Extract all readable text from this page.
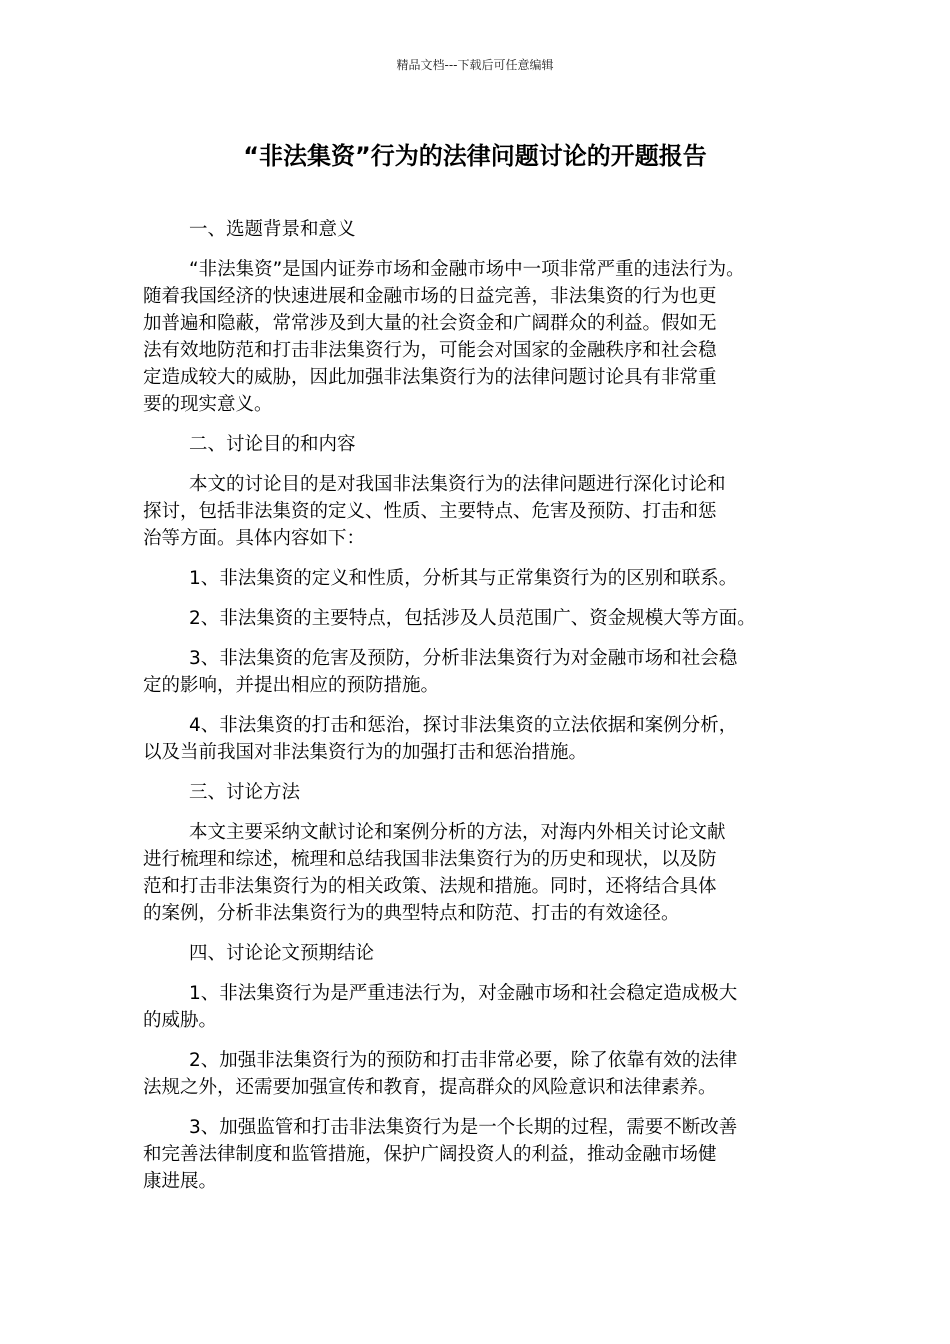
精品文档---下载后可任意编辑
“非法集资”行为的法律问题讨论的开题报告

一、选题背景和意义

“非法集资”是国内证券市场和金融市场中一项非常严重的违法行为。
随着我国经济的快速进展和金融市场的日益完善，非法集资的行为也更
加普遍和隐蔽，常常涉及到大量的社会资金和广阔群众的利益。假如无
法有效地防范和打击非法集资行为，可能会对国家的金融秩序和社会稳
定造成较大的威胁，因此加强非法集资行为的法律问题讨论具有非常重
要的现实意义。

二、讨论目的和内容

本文的讨论目的是对我国非法集资行为的法律问题进行深化讨论和
探讨，包括非法集资的定义、性质、主要特点、危害及预防、打击和惩
治等方面。具体内容如下：

1、非法集资的定义和性质，分析其与正常集资行为的区别和联系。

2、非法集资的主要特点，包括涉及人员范围广、资金规模大等方面。

3、非法集资的危害及预防，分析非法集资行为对金融市场和社会稳
定的影响，并提出相应的预防措施。

4、非法集资的打击和惩治，探讨非法集资的立法依据和案例分析，
以及当前我国对非法集资行为的加强打击和惩治措施。

三、讨论方法

本文主要采纳文献讨论和案例分析的方法，对海内外相关讨论文献
进行梳理和综述，梳理和总结我国非法集资行为的历史和现状，以及防
范和打击非法集资行为的相关政策、法规和措施。同时，还将结合具体
的案例，分析非法集资行为的典型特点和防范、打击的有效途径。

四、讨论论文预期结论

1、非法集资行为是严重违法行为，对金融市场和社会稳定造成极大
的威胁。

2、加强非法集资行为的预防和打击非常必要，除了依靠有效的法律
法规之外，还需要加强宣传和教育，提高群众的风险意识和法律素养。

3、加强监管和打击非法集资行为是一个长期的过程，需要不断改善
和完善法律制度和监管措施，保护广阔投资人的利益，推动金融市场健
康进展。
